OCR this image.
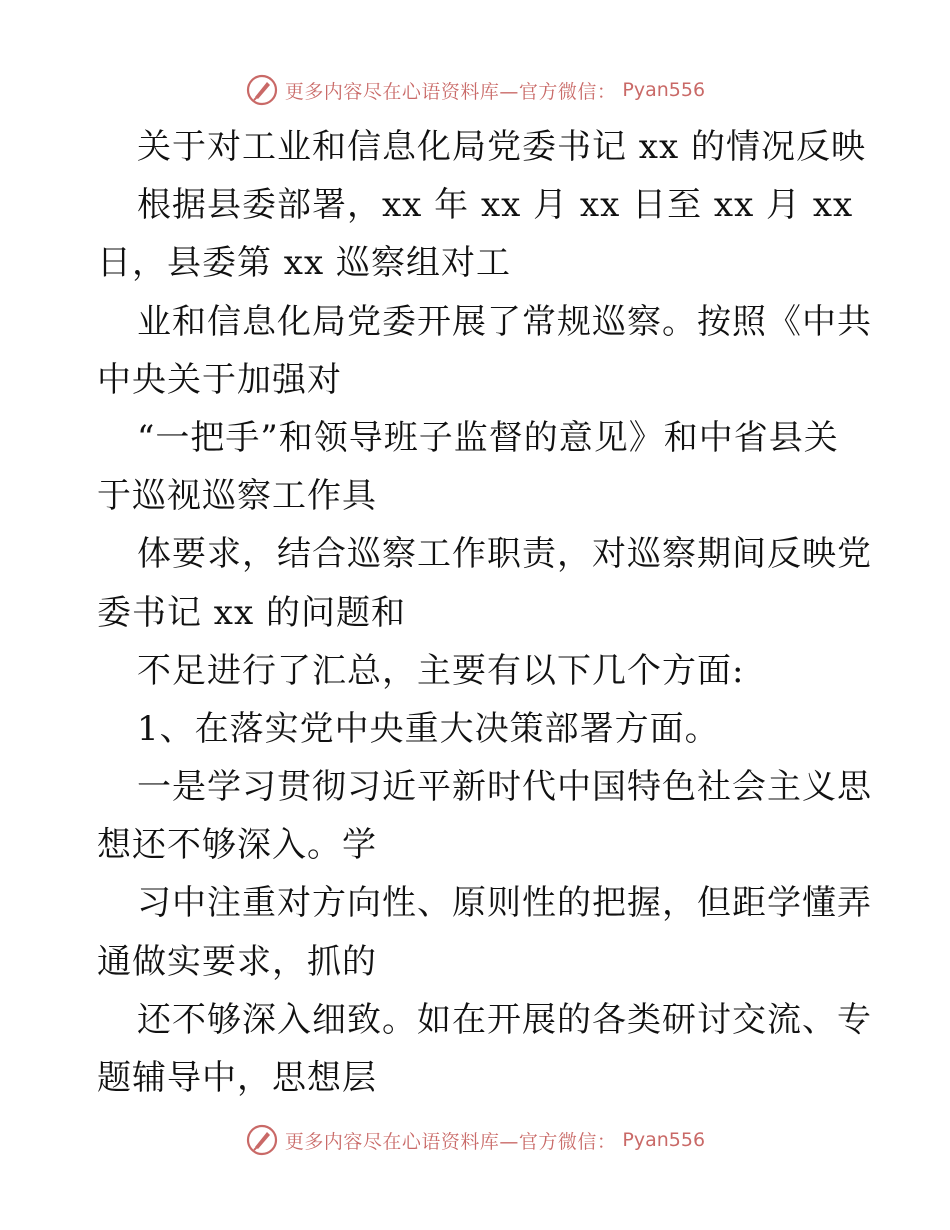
更多内容尽在心语资料库—官方微信： Pyan556
关于对工业和信息化局党委书记 xx 的情况反映
根据县委部署，xx 年 xx 月 xx 日至 xx 月 xx
日，县委第 xx 巡察组对工
业和信息化局党委开展了常规巡察。按照《中共
中央关于加强对
“一把手”和领导班子监督的意见》和中省县关
于巡视巡察工作具
体要求，结合巡察工作职责，对巡察期间反映党
委书记 xx 的问题和
不足进行了汇总，主要有以下几个方面:
1、在落实党中央重大决策部署方面。
一是学习贯彻习近平新时代中国特色社会主义思
想还不够深入。学
习中注重对方向性、原则性的把握，但距学懂弄
通做实要求，抓的
还不够深入细致。如在开展的各类研讨交流、专
题辅导中，思想层
更多内容尽在心语资料库—官方微信： Pyan556
